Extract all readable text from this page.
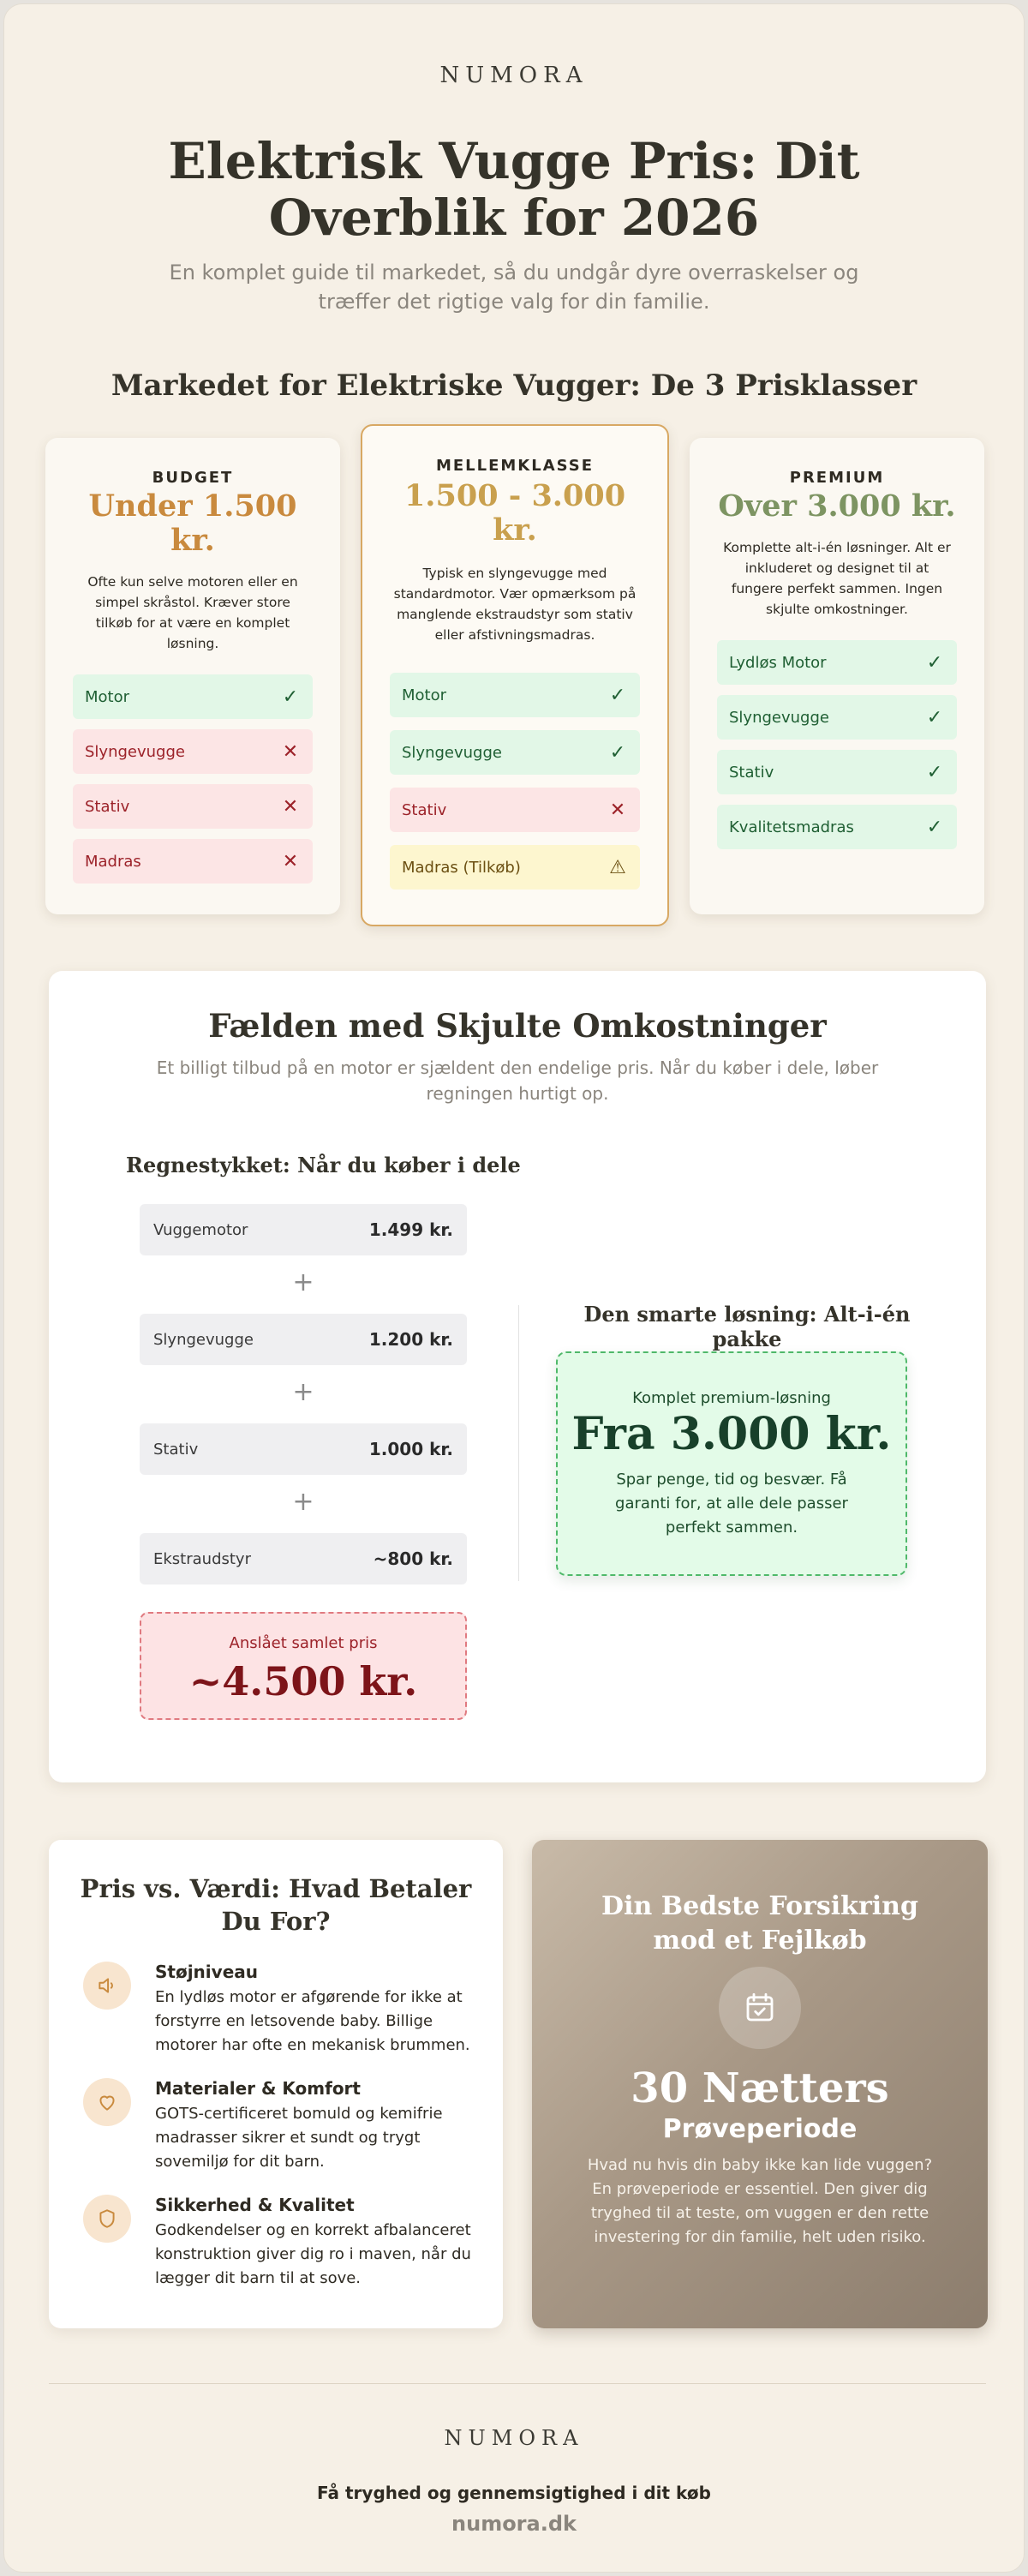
NUMORA
Elektrisk Vugge Pris: Dit Overblik for 2026

En komplet guide til markedet, så du undgår dyre overraskelser og træffer det rigtige valg for din familie.

Markedet for Elektriske Vugger: De 3 Prisklasser
BUDGET
Under 1.500 kr.
Ofte kun selve motoren eller en simpel skråstol. Kræver store tilkøb for at være en komplet løsning.
Motor	✓
Slyngevugge	✕
Stativ	✕
Madras	✕
MELLEMKLASSE
1.500 - 3.000 kr.
Typisk en slyngevugge med standardmotor. Vær opmærksom på manglende ekstraudstyr som stativ eller afstivningsmadras.
Motor	✓
Slyngevugge	✓
Stativ	✕
Madras (Tilkøb)	⚠
PREMIUM
Over 3.000 kr.
Komplette alt-i-én løsninger. Alt er inkluderet og designet til at fungere perfekt sammen. Ingen skjulte omkostninger.
Lydløs Motor	✓
Slyngevugge	✓
Stativ	✓
Kvalitetsmadras	✓
Fælden med Skjulte Omkostninger
Et billigt tilbud på en motor er sjældent den endelige pris. Når du køber i dele, løber regningen hurtigt op.
Regnestykket: Når du køber i dele
Vuggemotor	1.499 kr.
+
Slyngevugge	1.200 kr.
+
Stativ	1.000 kr.
+
Ekstraudstyr	~800 kr.
Anslået samlet pris
~4.500 kr.
Den smarte løsning: Alt-i-én pakke
Komplet premium-løsning
Fra 3.000 kr.
Spar penge, tid og besvær. Få garanti for, at alle dele passer perfekt sammen.
Pris vs. Værdi: Hvad Betaler Du For?
Støjniveau
En lydløs motor er afgørende for ikke at forstyrre en letsovende baby. Billige motorer har ofte en mekanisk brummen.
Materialer & Komfort
GOTS-certificeret bomuld og kemifrie madrasser sikrer et sundt og trygt sovemiljø for dit barn.
Sikkerhed & Kvalitet
Godkendelser og en korrekt afbalanceret konstruktion giver dig ro i maven, når du lægger dit barn til at sove.
Din Bedste Forsikring mod et Fejlkøb
30 Nætters
Prøveperiode
Hvad nu hvis din baby ikke kan lide vuggen? En prøveperiode er essentiel. Den giver dig tryghed til at teste, om vuggen er den rette investering for din familie, helt uden risiko.
NUMORA
Få tryghed og gennemsigtighed i dit køb
numora.dk
